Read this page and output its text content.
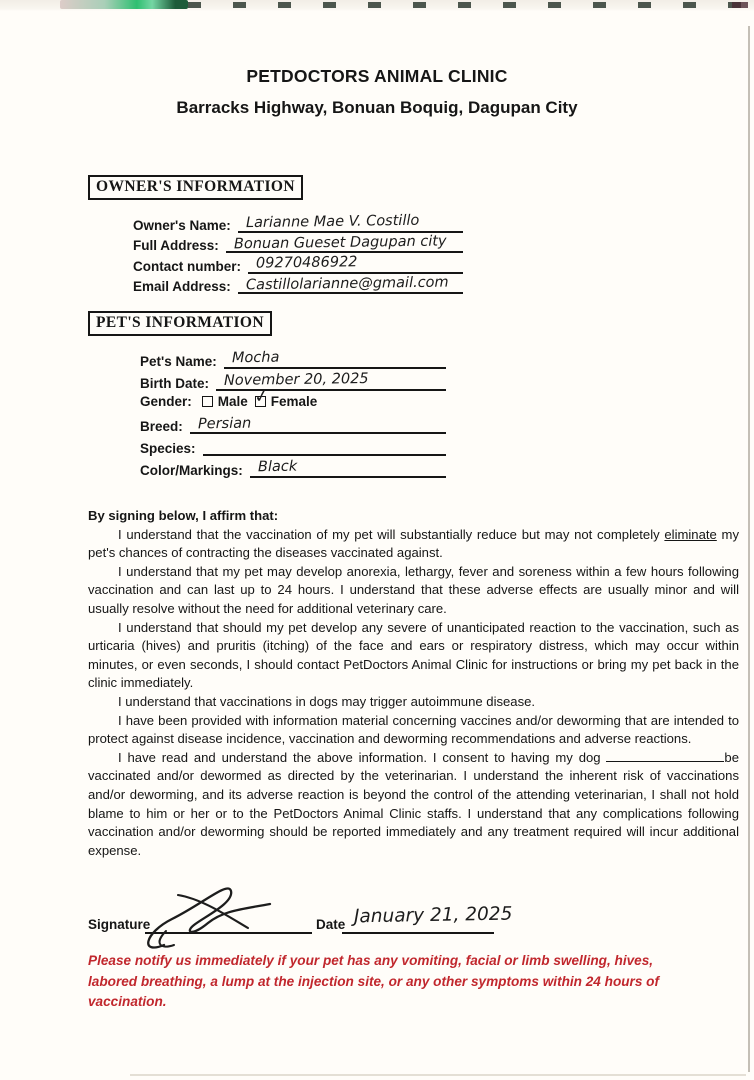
PETDOCTORS ANIMAL CLINIC
Barracks Highway, Bonuan Boquig, Dagupan City
OWNER'S INFORMATION
Owner's Name:	Larianne Mae V. Costillo
Full Address:	Bonuan Gueset Dagupan city
Contact number:	09270486922
Email Address:	Castillolarianne@gmail.com
PET'S INFORMATION
Pet's Name:	Mocha
Birth Date:	November 20, 2025
Gender:	Male ✓ Female
Breed:	Persian
Species:
Color/Markings:	Black

By signing below, I affirm that:

I understand that the vaccination of my pet will substantially reduce but may not completely eliminate my pet's chances of contracting the diseases vaccinated against.

I understand that my pet may develop anorexia, lethargy, fever and soreness within a few hours following vaccination and can last up to 24 hours. I understand that these adverse effects are usually minor and will usually resolve without the need for additional veterinary care.

I understand that should my pet develop any severe of unanticipated reaction to the vaccination, such as urticaria (hives) and pruritis (itching) of the face and ears or respiratory distress, which may occur within minutes, or even seconds, I should contact PetDoctors Animal Clinic for instructions or bring my pet back in the clinic immediately.

I understand that vaccinations in dogs may trigger autoimmune disease.

I have been provided with information material concerning vaccines and/or deworming that are intended to protect against disease incidence, vaccination and deworming recommendations and adverse reactions.

I have read and understand the above information. I consent to having my dog	be vaccinated and/or dewormed as directed by the veterinarian. I understand the inherent risk of vaccinations and/or deworming, and its adverse reaction is beyond the control of the attending veterinarian, I shall not hold blame to him or her or to the PetDoctors Animal Clinic staffs. I understand that any complications following vaccination and/or deworming should be reported immediately and any treatment required will incur additional expense.

Signature	Date January 21, 2025
Please notify us immediately if your pet has any vomiting, facial or limb swelling, hives, labored breathing, a lump at the injection site, or any other symptoms within 24 hours of vaccination.
